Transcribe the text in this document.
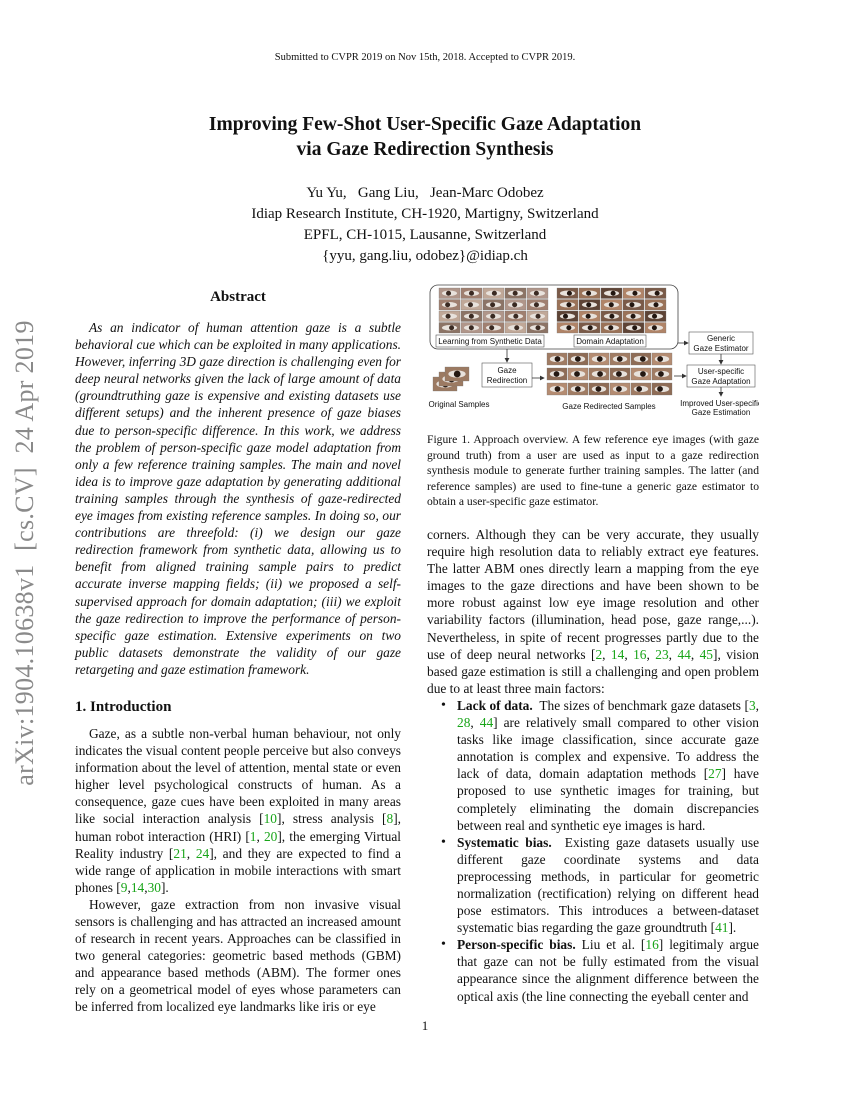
Submitted to CVPR 2019 on Nov 15th, 2018. Accepted to CVPR 2019.
Improving Few-Shot User-Specific Gaze Adaptation
via Gaze Redirection Synthesis
Yu Yu,   Gang Liu,   Jean-Marc Odobez
Idiap Research Institute, CH-1920, Martigny, Switzerland
EPFL, CH-1015, Lausanne, Switzerland
{yyu, gang.liu, odobez}@idiap.ch
arXiv:1904.10638v1  [cs.CV]  24 Apr 2019
Abstract

As an indicator of human attention gaze is a subtle behavioral cue which can be exploited in many applications. However, inferring 3D gaze direction is challenging even for deep neural networks given the lack of large amount of data (groundtruthing gaze is expensive and existing datasets use different setups) and the inherent presence of gaze biases due to person-specific difference. In this work, we address the problem of person-specific gaze model adaptation from only a few reference training samples. The main and novel idea is to improve gaze adaptation by generating additional training samples through the synthesis of gaze-redirected eye images from existing reference samples. In doing so, our contributions are threefold: (i) we design our gaze redirection framework from synthetic data, allowing us to benefit from aligned training sample pairs to predict accurate inverse mapping fields; (ii) we proposed a self-supervised approach for domain adaptation; (iii) we exploit the gaze redirection to improve the performance of person-specific gaze estimation. Extensive experiments on two public datasets demonstrate the validity of our gaze retargeting and gaze estimation framework.

1. Introduction

Gaze, as a subtle non-verbal human behaviour, not only indicates the visual content people perceive but also conveys information about the level of attention, mental state or even higher level psychological constructs of human. As a consequence, gaze cues have been exploited in many areas like social interaction analysis [10], stress analysis [8], human robot interaction (HRI) [1, 20], the emerging Virtual Reality industry [21, 24], and they are expected to find a wide range of application in mobile interactions with smart phones [9,14,30].

However, gaze extraction from non invasive visual sensors is challenging and has attracted an increased amount of research in recent years. Approaches can be classified in two general categories: geometric based methods (GBM) and appearance based methods (ABM). The former ones rely on a geometrical model of eyes whose parameters can be inferred from localized eye landmarks like iris or eye

Learning from Synthetic Data	Domain Adaptation
Original Samples
Gaze
Redirection
Gaze Redirected Samples
Generic
Gaze Estimator
User-specific
Gaze Adaptation
Improved User-specific
Gaze Estimation
Figure 1. Approach overview. A few reference eye images (with gaze ground truth) from a user are used as input to a gaze redirection synthesis module to generate further training samples. The latter (and reference samples) are used to fine-tune a generic gaze estimator to obtain a user-specific gaze estimator.

corners. Although they can be very accurate, they usually require high resolution data to reliably extract eye features. The latter ABM ones directly learn a mapping from the eye images to the gaze directions and have been shown to be more robust against low eye image resolution and other variability factors (illumination, head pose, gaze range,...). Nevertheless, in spite of recent progresses partly due to the use of deep neural networks [2, 14, 16, 23, 44, 45], vision based gaze estimation is still a challenging and open problem due to at least three main factors:

• Lack of data.  The sizes of benchmark gaze datasets [3, 28, 44] are relatively small compared to other vision tasks like image classification, since accurate gaze annotation is complex and expensive. To address the lack of data, domain adaptation methods [27] have proposed to use synthetic images for training, but completely eliminating the domain discrepancies between real and synthetic eye images is hard.
• Systematic bias.  Existing gaze datasets usually use different gaze coordinate systems and data preprocessing methods, in particular for geometric normalization (rectification) relying on different head pose estimators. This introduces a between-dataset systematic bias regarding the gaze groundtruth [41].
• Person-specific bias. Liu et al. [16] legitimaly argue that gaze can not be fully estimated from the visual appearance since the alignment difference between the optical axis (the line connecting the eyeball center and
1
